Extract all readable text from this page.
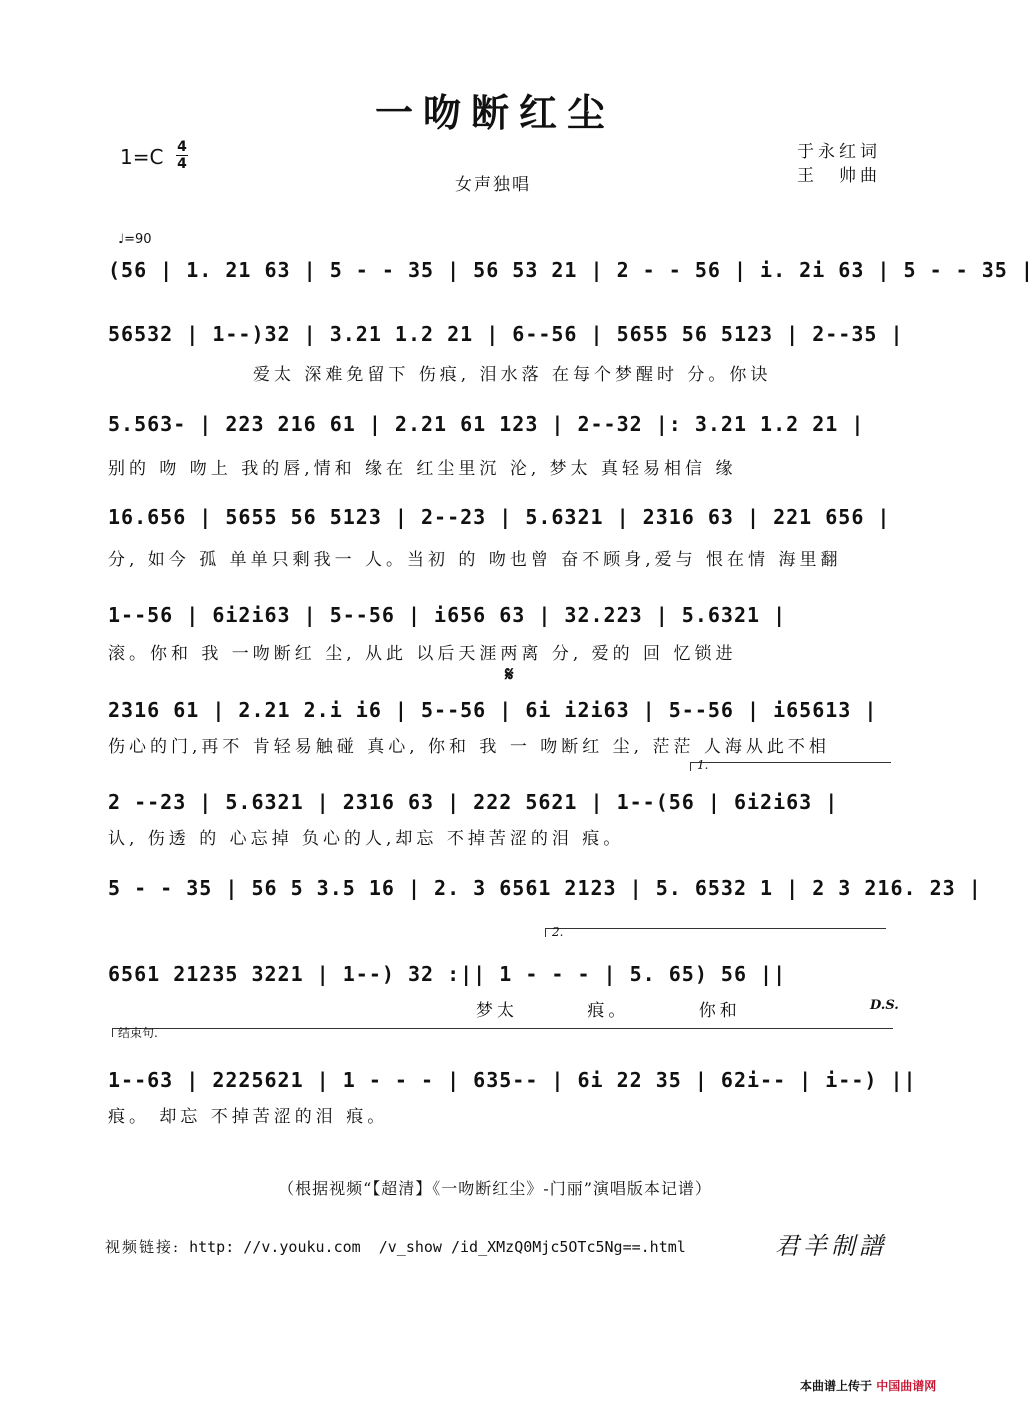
一吻断红尘
1=C 4
4
女声独唱
于永红词
王　帅曲
♩=90
(56 | 1. 21 63 | 5 - - 35 | 56 53 21 | 2 - - 56 | i. 2i 63 | 5 - - 35 |
56532 | 1--)32 | 3.21 1.2 21 | 6--56 | 5655 56 5123 | 2--35 |
爱太 深难免留下 伤痕, 泪水落 在每个梦醒时 分。你诀
5.563- | 223 216 61 | 2.21 61 123 | 2--32 |: 3.21 1.2 21 |
别的 吻 吻上 我的唇,情和 缘在 红尘里沉 沦, 梦太 真轻易相信 缘
16.656 | 5655 56 5123 | 2--23 | 5.6321 | 2316 63 | 221 656 |
分, 如今 孤 单单只剩我一 人。当初 的 吻也曾 奋不顾身,爱与 恨在情 海里翻
1--56 | 6i2i63 | 5--56 | i656 63 | 32.223 | 5.6321 |
滚。你和 我 一吻断红 尘, 从此 以后天涯两离 分, 爱的 回 忆锁进
𝄋
2316 61 | 2.21 2.i i6 | 5--56 | 6i i2i63 | 5--56 | i65613 |
伤心的门,再不 肯轻易触碰 真心, 你和 我 一 吻断红 尘, 茫茫 人海从此不相
1.
2 --23 | 5.6321 | 2316 63 | 222 5621 | 1--(56 | 6i2i63 |
认, 伤透 的 心忘掉 负心的人,却忘 不掉苦涩的泪 痕。
5 - - 35 | 56 5 3.5 16 | 2. 3 6561 2123 | 5. 6532 1 | 2 3 216. 23 |
2.
6561 21235 3221 | 1--) 32 :|| 1 - - - | 5. 65) 56 ||
梦太 痕。 你和	D.S.
结束句.
1--63 | 2225621 | 1 - - - | 635-- | 6i 22 35 | 62i-- | i--) ||
痕。 却忘 不掉苦涩的泪 痕。
（根据视频“【超清】《一吻断红尘》-门丽”演唱版本记谱）
视频链接: http: //v.youku.com  /v_show /id_XMzQ0Mjc5OTc5Ng==.html	君羊制譜
本曲谱上传于 中国曲谱网
